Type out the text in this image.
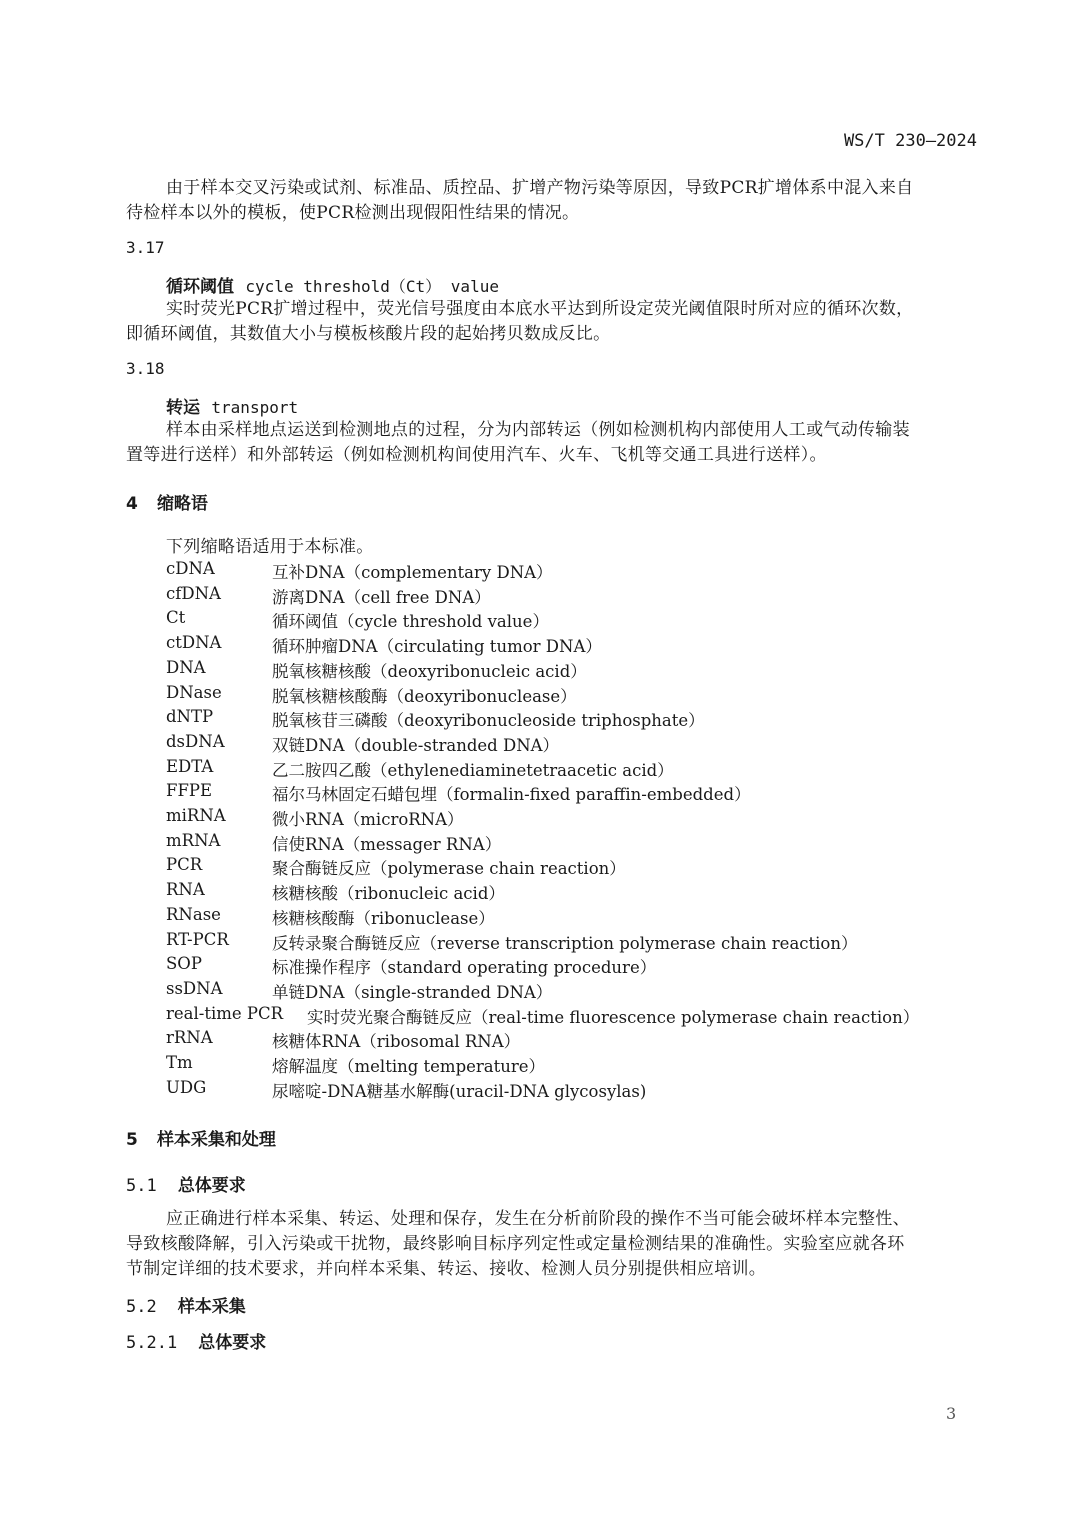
WS/T 230—2024
由于样本交叉污染或试剂、标准品、质控品、扩增产物污染等原因，导致PCR扩增体系中混入来自
待检样本以外的模板，使PCR检测出现假阳性结果的情况。
3.17
循环阈值 cycle threshold（Ct） value
实时荧光PCR扩增过程中，荧光信号强度由本底水平达到所设定荧光阈值限时所对应的循环次数，
即循环阈值，其数值大小与模板核酸片段的起始拷贝数成反比。
3.18
转运 transport
样本由采样地点运送到检测地点的过程，分为内部转运（例如检测机构内部使用人工或气动传输装
置等进行送样）和外部转运（例如检测机构间使用汽车、火车、飞机等交通工具进行送样）。
4 缩略语
下列缩略语适用于本标准。
cDNA	互补DNA（complementary DNA）
cfDNA	游离DNA（cell free DNA）
Ct	循环阈值（cycle threshold value）
ctDNA	循环肿瘤DNA（circulating tumor DNA）
DNA	脱氧核糖核酸（deoxyribonucleic acid）
DNase	脱氧核糖核酸酶（deoxyribonuclease）
dNTP	脱氧核苷三磷酸（deoxyribonucleoside triphosphate）
dsDNA	双链DNA（double-stranded DNA）
EDTA	乙二胺四乙酸（ethylenediaminetetraacetic acid）
FFPE	福尔马林固定石蜡包埋（formalin-fixed paraffin-embedded）
miRNA	微小RNA（microRNA）
mRNA	信使RNA（messager RNA）
PCR	聚合酶链反应（polymerase chain reaction）
RNA	核糖核酸（ribonucleic acid）
RNase	核糖核酸酶（ribonuclease）
RT-PCR	反转录聚合酶链反应（reverse transcription polymerase chain reaction）
SOP	标准操作程序（standard operating procedure）
ssDNA	单链DNA（single-stranded DNA）
real-time PCR 实时荧光聚合酶链反应（real-time fluorescence polymerase chain reaction）
rRNA	核糖体RNA（ribosomal RNA）
Tm	熔解温度（melting temperature）
UDG	尿嘧啶-DNA糖基水解酶(uracil-DNA glycosylas)
5 样本采集和处理
5.1 总体要求
应正确进行样本采集、转运、处理和保存，发生在分析前阶段的操作不当可能会破坏样本完整性、
导致核酸降解，引入污染或干扰物，最终影响目标序列定性或定量检测结果的准确性。实验室应就各环
节制定详细的技术要求，并向样本采集、转运、接收、检测人员分别提供相应培训。
5.2 样本采集
5.2.1 总体要求
3
